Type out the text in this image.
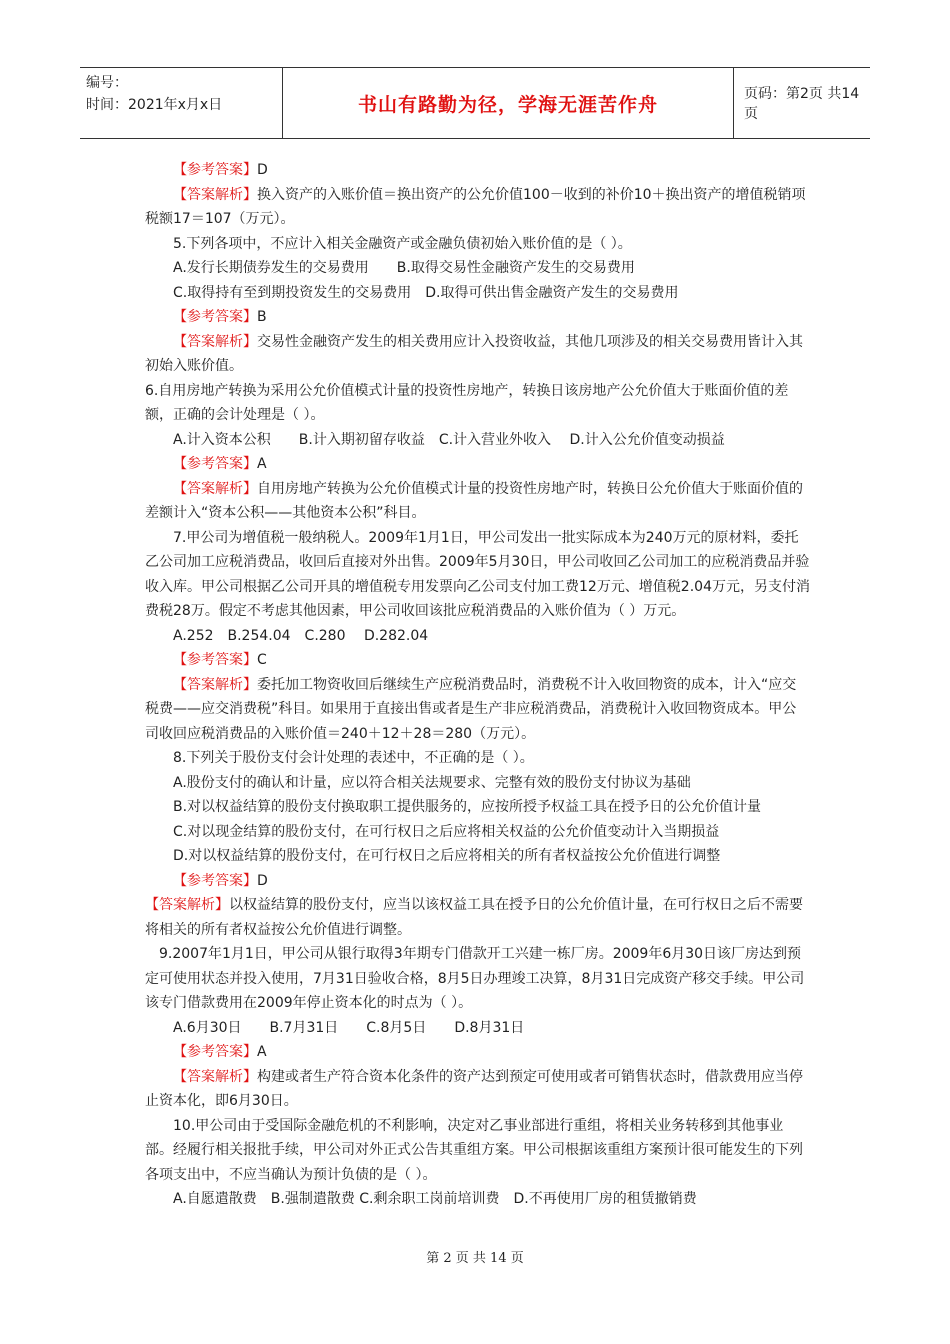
编号：
时间：2021年x月x日	书山有路勤为径，学海无涯苦作舟	页码：第2页 共14页

【参考答案】D

【答案解析】换入资产的入账价值＝换出资产的公允价值100－收到的补价10＋换出资产的增值税销项税额17＝107（万元）。

5.下列各项中，不应计入相关金融资产或金融负债初始入账价值的是（ ）。

A.发行长期债券发生的交易费用　　B.取得交易性金融资产发生的交易费用

C.取得持有至到期投资发生的交易费用　D.取得可供出售金融资产发生的交易费用

【参考答案】B

【答案解析】交易性金融资产发生的相关费用应计入投资收益，其他几项涉及的相关交易费用皆计入其初始入账价值。

6.自用房地产转换为采用公允价值模式计量的投资性房地产，转换日该房地产公允价值大于账面价值的差额，正确的会计处理是（ ）。

A.计入资本公积　　B.计入期初留存收益　C.计入营业外收入　 D.计入公允价值变动损益

【参考答案】A

【答案解析】自用房地产转换为公允价值模式计量的投资性房地产时，转换日公允价值大于账面价值的差额计入“资本公积——其他资本公积”科目。

7.甲公司为增值税一般纳税人。2009年1月1日，甲公司发出一批实际成本为240万元的原材料，委托乙公司加工应税消费品，收回后直接对外出售。2009年5月30日，甲公司收回乙公司加工的应税消费品并验收入库。甲公司根据乙公司开具的增值税专用发票向乙公司支付加工费12万元、增值税2.04万元，另支付消费税28万。假定不考虑其他因素，甲公司收回该批应税消费品的入账价值为（ ）万元。

A.252　B.254.04　C.280　 D.282.04

【参考答案】C

【答案解析】委托加工物资收回后继续生产应税消费品时，消费税不计入收回物资的成本，计入“应交税费——应交消费税”科目。如果用于直接出售或者是生产非应税消费品，消费税计入收回物资成本。甲公司收回应税消费品的入账价值＝240＋12＋28＝280（万元）。

8.下列关于股份支付会计处理的表述中，不正确的是（ ）。

A.股份支付的确认和计量，应以符合相关法规要求、完整有效的股份支付协议为基础

B.对以权益结算的股份支付换取职工提供服务的，应按所授予权益工具在授予日的公允价值计量

C.对以现金结算的股份支付，在可行权日之后应将相关权益的公允价值变动计入当期损益

D.对以权益结算的股份支付，在可行权日之后应将相关的所有者权益按公允价值进行调整

【参考答案】D

【答案解析】以权益结算的股份支付，应当以该权益工具在授予日的公允价值计量，在可行权日之后不需要将相关的所有者权益按公允价值进行调整。

9.2007年1月1日，甲公司从银行取得3年期专门借款开工兴建一栋厂房。2009年6月30日该厂房达到预定可使用状态并投入使用，7月31日验收合格，8月5日办理竣工决算，8月31日完成资产移交手续。甲公司该专门借款费用在2009年停止资本化的时点为（ ）。

A.6月30日　　B.7月31日　　C.8月5日　　D.8月31日

【参考答案】A

【答案解析】构建或者生产符合资本化条件的资产达到预定可使用或者可销售状态时，借款费用应当停止资本化，即6月30日。

10.甲公司由于受国际金融危机的不利影响，决定对乙事业部进行重组，将相关业务转移到其他事业部。经履行相关报批手续，甲公司对外正式公告其重组方案。甲公司根据该重组方案预计很可能发生的下列各项支出中，不应当确认为预计负债的是（ ）。

A.自愿遣散费　B.强制遣散费 C.剩余职工岗前培训费　D.不再使用厂房的租赁撤销费

第 2 页 共 14 页
